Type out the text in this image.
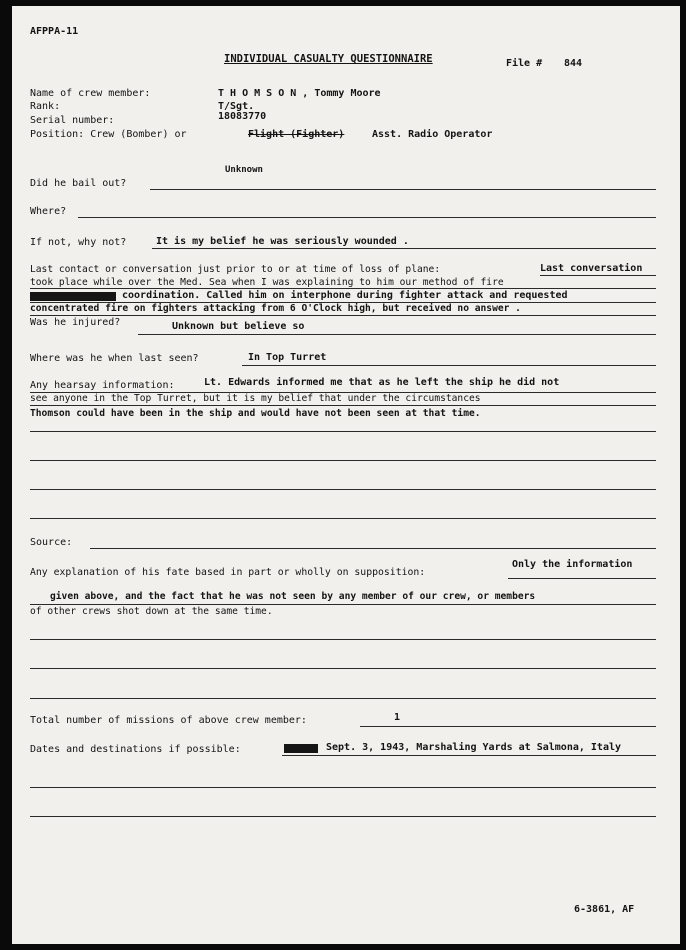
AFPPA-11
INDIVIDUAL CASUALTY QUESTIONNAIRE	File # 844
Name of crew member:	T H O M S O N , Tommy Moore
Rank:	T/Sgt.
Serial number:	18083770
Position: Crew (Bomber) or	Flight (Fighter)	Asst. Radio Operator
Unknown
Did he bail out?
Where?
If not, why not?	It is my belief he was seriously wounded .
Last contact or conversation just prior to or at time of loss of plane:	Last conversation
took place while over the Med. Sea when I was explaining to him our method of fire
coordination. Called him on interphone during fighter attack and requested
concentrated fire on fighters attacking from 6 O'Clock high, but received no answer .
Was he injured?	Unknown but believe so
Where was he when last seen?	In Top Turret
Any hearsay information:	Lt. Edwards informed me that as he left the ship he did not
see anyone in the Top Turret, but it is my belief that under the circumstances
Thomson could have been in the ship and would have not been seen at that time.
Source:
Any explanation of his fate based in part or wholly on supposition:
Only the information
given above, and the fact that he was not seen by any member of our crew, or members
of other crews shot down at the same time.
Total number of missions of above crew member:	1
Dates and destinations if possible:	Sept. 3, 1943, Marshaling Yards at Salmona, Italy
6-3861, AF
